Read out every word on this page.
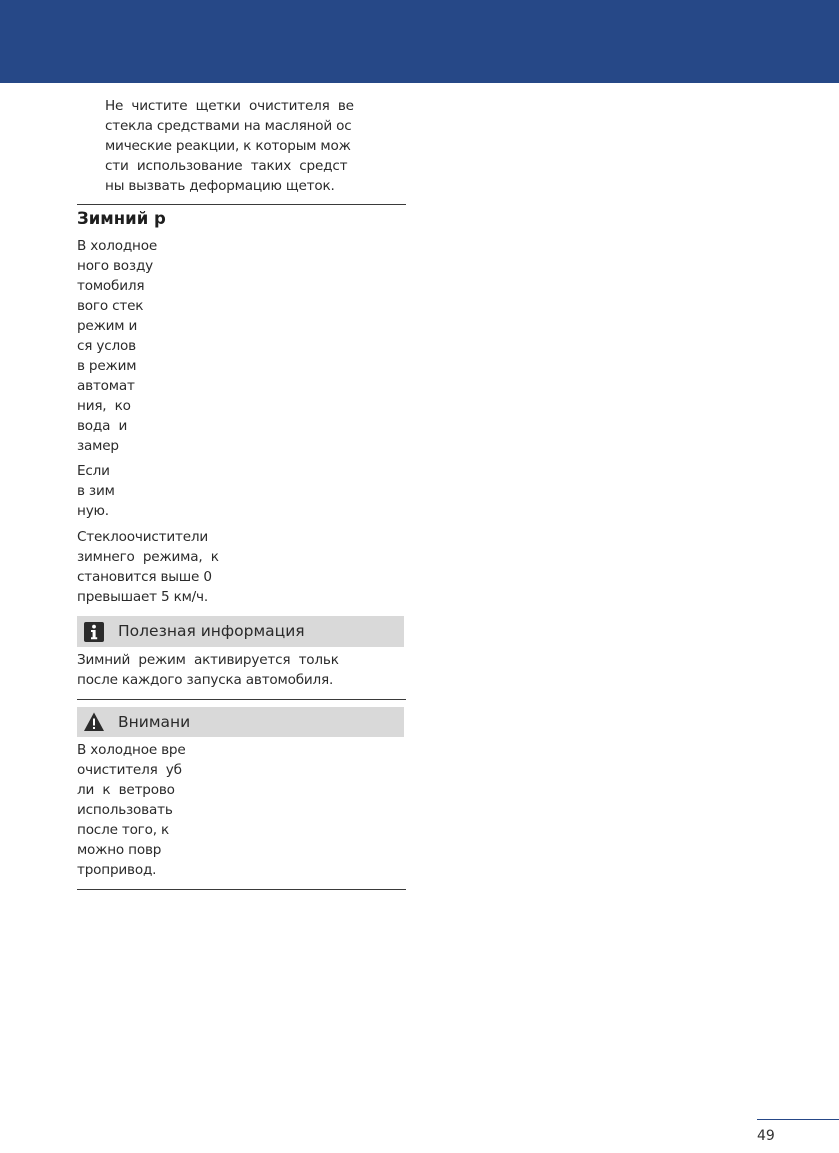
Не  чистите  щетки  очистителя  ве
стекла средствами на масляной ос
мические реакции, к которым мож
сти  использование  таких  средст
ны вызвать деформацию щеток.
Зимний р
В холодное
ного возду
томобиля
вого стек
режим и
ся услов
в режим
автомат
ния,  ко
вода  и
замер
Если
в зим
ную.
Стеклоочистители
зимнего  режима,  к
становится выше 0
превышает 5 км/ч.
Полезная информация
Зимний  режим  активируется  тольк
после каждого запуска автомобиля.
Внимани
В холодное вре
очистителя  уб
ли  к  ветрово
использовать
после того, к
можно повр
тропривод.
49
